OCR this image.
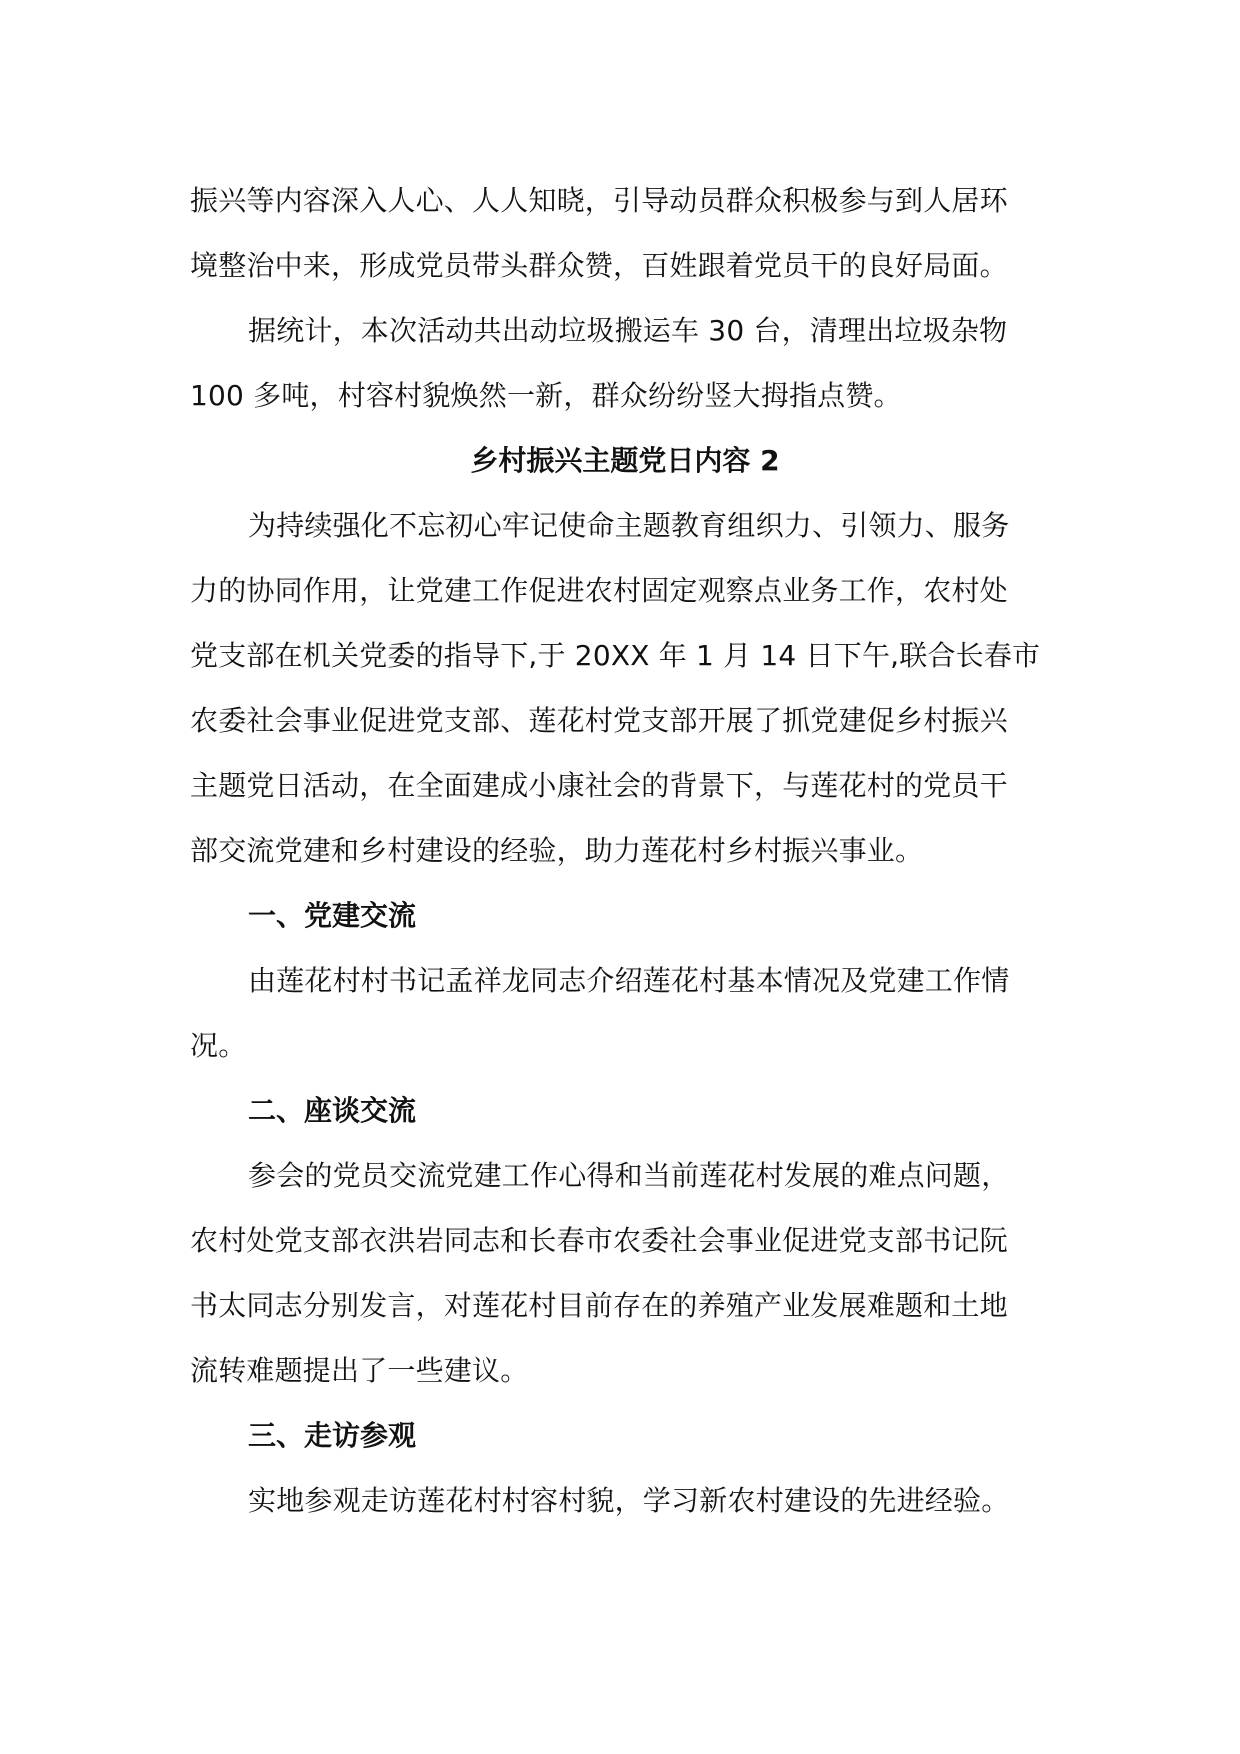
振兴等内容深入人心、人人知晓，引导动员群众积极参与到人居环
境整治中来，形成党员带头群众赞，百姓跟着党员干的良好局面。
据统计，本次活动共出动垃圾搬运车 30 台，清理出垃圾杂物
100 多吨，村容村貌焕然一新，群众纷纷竖大拇指点赞。
乡村振兴主题党日内容 2
为持续强化不忘初心牢记使命主题教育组织力、引领力、服务
力的协同作用，让党建工作促进农村固定观察点业务工作，农村处
党支部在机关党委的指导下,于 20XX 年 1 月 14 日下午,联合长春市
农委社会事业促进党支部、莲花村党支部开展了抓党建促乡村振兴
主题党日活动，在全面建成小康社会的背景下，与莲花村的党员干
部交流党建和乡村建设的经验，助力莲花村乡村振兴事业。
一、党建交流
由莲花村村书记孟祥龙同志介绍莲花村基本情况及党建工作情
况。
二、座谈交流
参会的党员交流党建工作心得和当前莲花村发展的难点问题，
农村处党支部衣洪岩同志和长春市农委社会事业促进党支部书记阮
书太同志分别发言，对莲花村目前存在的养殖产业发展难题和土地
流转难题提出了一些建议。
三、走访参观
实地参观走访莲花村村容村貌，学习新农村建设的先进经验。
